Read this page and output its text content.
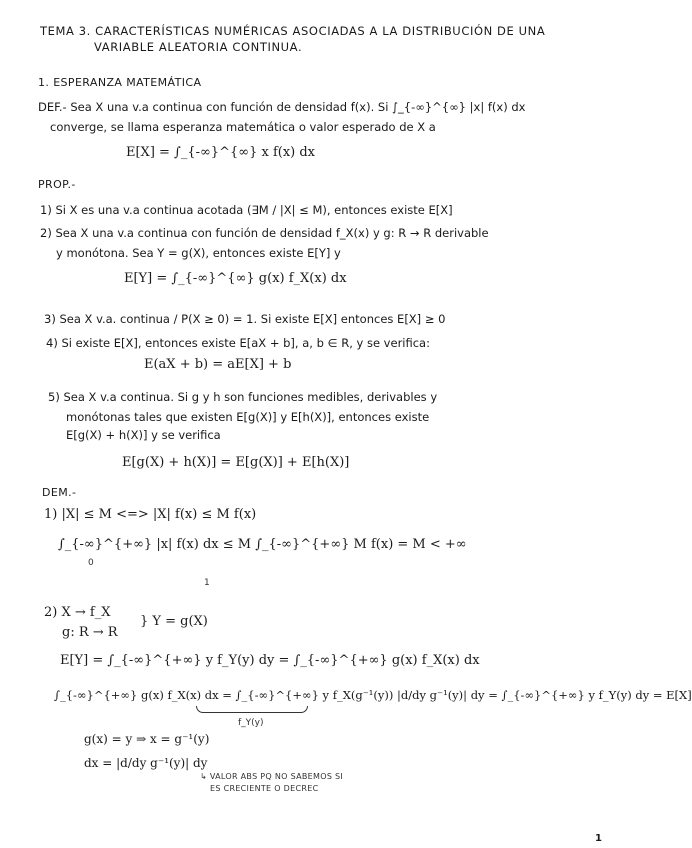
TEMA 3. CARACTERÍSTICAS NUMÉRICAS ASOCIADAS A LA DISTRIBUCIÓN DE UNA
VARIABLE ALEATORIA CONTINUA.
1. ESPERANZA MATEMÁTICA
DEF.- Sea X una v.a continua con función de densidad f(x). Si ∫_{-∞}^{∞} |x| f(x) dx
converge, se llama esperanza matemática o valor esperado de X a
E[X] = ∫_{-∞}^{∞} x f(x) dx
PROP.-
1) Si X es una v.a continua acotada (∃M / |X| ≤ M), entonces existe E[X]
2) Sea X una v.a continua con función de densidad f_X(x) y g: R → R derivable
y monótona. Sea Y = g(X), entonces existe E[Y] y
E[Y] = ∫_{-∞}^{∞} g(x) f_X(x) dx
3) Sea X v.a. continua / P(X ≥ 0) = 1. Si existe E[X] entonces E[X] ≥ 0
4) Si existe E[X], entonces existe E[aX + b], a, b ∈ R, y se verifica:
E(aX + b) = aE[X] + b
5) Sea X v.a continua. Si g y h son funciones medibles, derivables y
monótonas tales que existen E[g(X)] y E[h(X)], entonces existe
E[g(X) + h(X)] y se verifica
E[g(X) + h(X)] = E[g(X)] + E[h(X)]
DEM.-
1) |X| ≤ M <=> |X| f(x) ≤ M f(x)
∫_{-∞}^{+∞} |x| f(x) dx ≤ M ∫_{-∞}^{+∞} M f(x) = M < +∞
0
1
2) X → f_X
g: R → R
} Y = g(X)
E[Y] = ∫_{-∞}^{+∞} y f_Y(y) dy = ∫_{-∞}^{+∞} g(x) f_X(x) dx
∫_{-∞}^{+∞} g(x) f_X(x) dx = ∫_{-∞}^{+∞} y f_X(g⁻¹(y)) |d/dy g⁻¹(y)| dy = ∫_{-∞}^{+∞} y f_Y(y) dy = E[X]
f_Y(y)
g(x) = y ⇒ x = g⁻¹(y)
dx = |d/dy g⁻¹(y)| dy
↳ VALOR ABS PQ NO SABEMOS SI
ES CRECIENTE O DECREC
1
